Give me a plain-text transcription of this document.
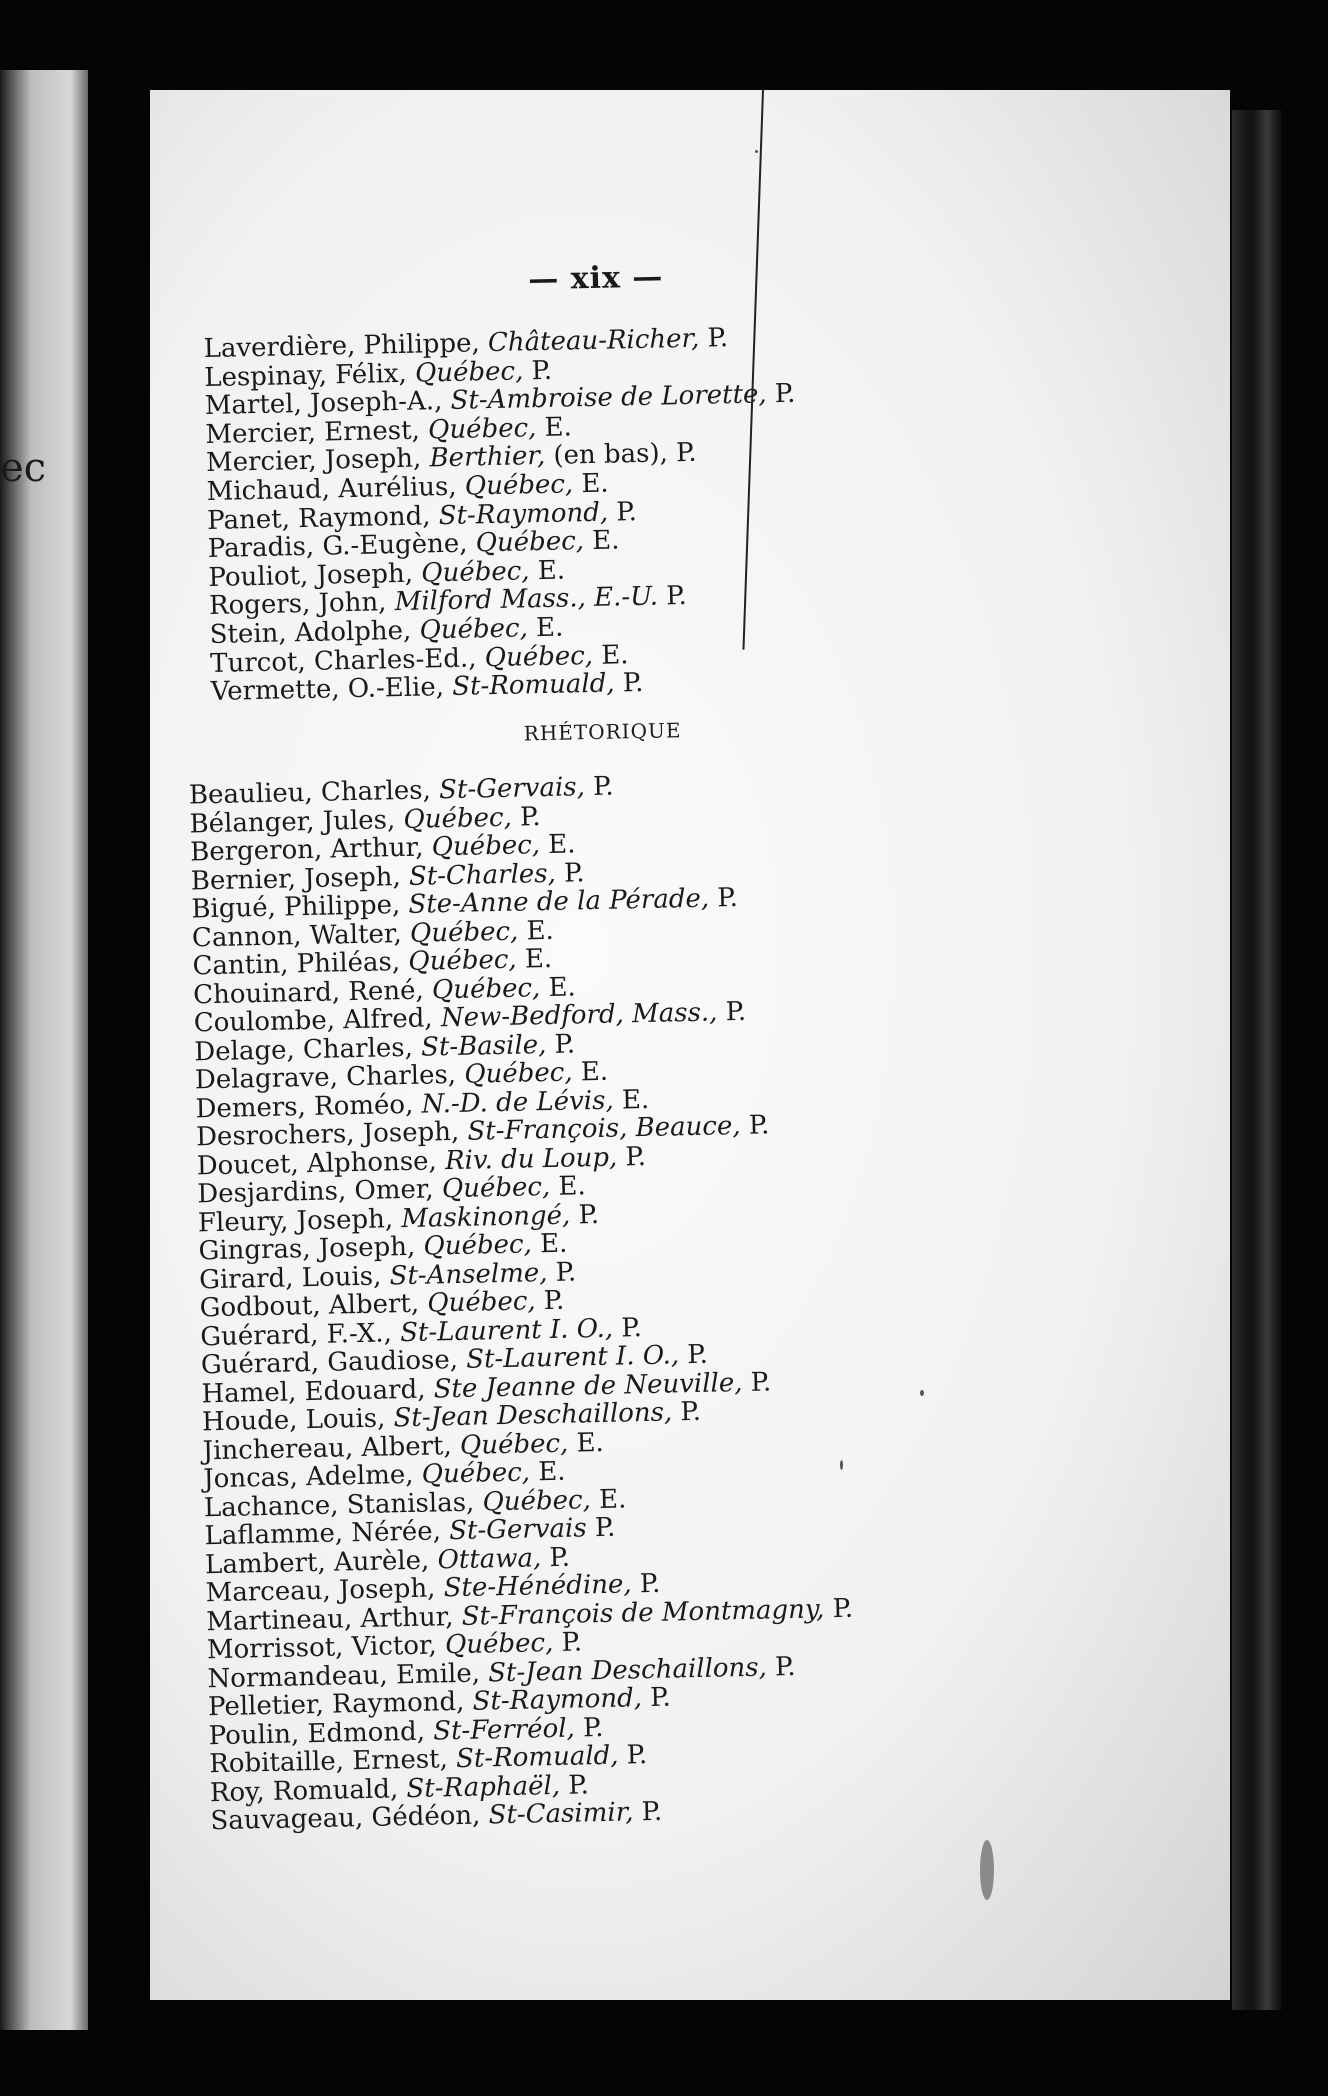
ec
— xix —
Laverdière, Philippe, Château-Richer, P.
Lespinay, Félix, Québec, P.
Martel, Joseph-A., St-Ambroise de Lorette, P.
Mercier, Ernest, Québec, E.
Mercier, Joseph, Berthier, (en bas), P.
Michaud, Aurélius, Québec, E.
Panet, Raymond, St-Raymond, P.
Paradis, G.-Eugène, Québec, E.
Pouliot, Joseph, Québec, E.
Rogers, John, Milford Mass., E.-U. P.
Stein, Adolphe, Québec, E.
Turcot, Charles-Ed., Québec, E.
Vermette, O.-Elie, St-Romuald, P.
RHÉTORIQUE
Beaulieu, Charles, St-Gervais, P.
Bélanger, Jules, Québec, P.
Bergeron, Arthur, Québec, E.
Bernier, Joseph, St-Charles, P.
Bigué, Philippe, Ste-Anne de la Pérade, P.
Cannon, Walter, Québec, E.
Cantin, Philéas, Québec, E.
Chouinard, René, Québec, E.
Coulombe, Alfred, New-Bedford, Mass., P.
Delage, Charles, St-Basile, P.
Delagrave, Charles, Québec, E.
Demers, Roméo, N.-D. de Lévis, E.
Desrochers, Joseph, St-François, Beauce, P.
Doucet, Alphonse, Riv. du Loup, P.
Desjardins, Omer, Québec, E.
Fleury, Joseph, Maskinongé, P.
Gingras, Joseph, Québec, E.
Girard, Louis, St-Anselme, P.
Godbout, Albert, Québec, P.
Guérard, F.-X., St-Laurent I. O., P.
Guérard, Gaudiose, St-Laurent I. O., P.
Hamel, Edouard, Ste Jeanne de Neuville, P.
Houde, Louis, St-Jean Deschaillons, P.
Jinchereau, Albert, Québec, E.
Joncas, Adelme, Québec, E.
Lachance, Stanislas, Québec, E.
Laflamme, Nérée, St-Gervais P.
Lambert, Aurèle, Ottawa, P.
Marceau, Joseph, Ste-Hénédine, P.
Martineau, Arthur, St-François de Montmagny, P.
Morrissot, Victor, Québec, P.
Normandeau, Emile, St-Jean Deschaillons, P.
Pelletier, Raymond, St-Raymond, P.
Poulin, Edmond, St-Ferréol, P.
Robitaille, Ernest, St-Romuald, P.
Roy, Romuald, St-Raphaël, P.
Sauvageau, Gédéon, St-Casimir, P.
